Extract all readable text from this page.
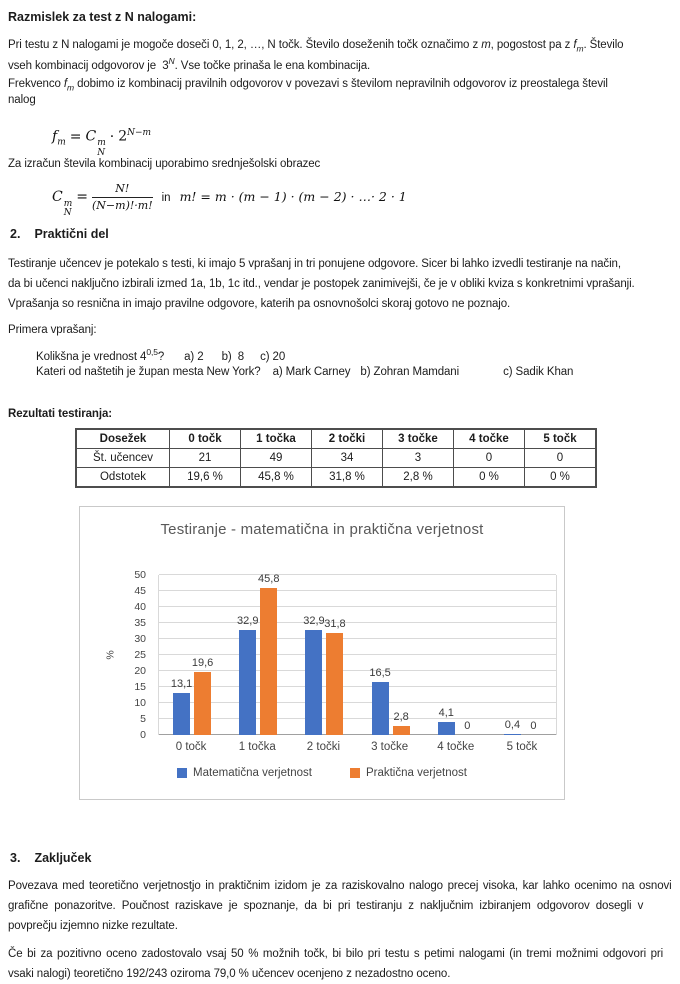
Razmislek za test z N nalogami:
Pri testu z N nalogami je mogoče doseči 0, 1, 2, …, N točk. Število doseženih točk označimo z m, pogostost pa z $f_m$. Število
vseh kombinacij odgovorov je  $3^N$. Vse točke prinaša le ena kombinacija.
Frekvenco $f_m$ dobimo iz kombinacij pravilnih odgovorov v povezavi s številom nepravilnih odgovorov iz preostalega števil
nalog
$f_m = C$ m
N
· $2^{N-m}$
Za izračun števila kombinacij uporabimo srednješolski obrazec
C m
N
= $\frac{N!}{(N-m)!\cdot m!}$ in m! = m · (m − 1) · (m − 2) · …· 2 · 1
2. Praktični del
Testiranje učencev je potekalo s testi, ki imajo 5 vprašanj in tri ponujene odgovore. Sicer bi lahko izvedli testiranje na način,
da bi učenci naključno izbirali izmed 1a, 1b, 1c itd., vendar je postopek zanimivejši, če je v obliki kviza s konkretnimi vprašanji.
Vprašanja so resnična in imajo pravilne odgovore, katerih pa osnovnošolci skoraj gotovo ne poznajo.
Primera vprašanj:
Kolikšna je vrednost 4$^{0,5}$? a) 2 b)  8 c) 20
Kateri od naštetih je župan mesta New York? a) Mark Carney b) Zohran Mamdani	c) Sadik Khan
Rezultati testiranja:
Dosežek	0 točk	1 točka	2 točki	3 točke	4 točke	5 točk
Št. učencev	21	49	34	3	0	0
Odstotek	19,6 %	45,8 %	31,8 %	2,8 %	0 %	0 %
Testiranje - matematična in praktična verjetnost
%
0
5
10
15
20
25
30
35
40
45
50
13,1
19,6
32,9
45,8
32,9 31,8
16,5
2,8	4,1
0	0,4 0
0 točk	1 točka	2 točki	3 točke	4 točke	5 točk
Matematična verjetnost	Praktična verjetnost
3. Zaključek
Povezava med teoretično verjetnostjo in praktičnim izidom je za raziskovalno nalogo precej visoka, kar lahko ocenimo na osnovi
grafične ponazoritve. Poučnost raziskave je spoznanje, da bi pri testiranju z naključnim izbiranjem odgovorov dosegli v
povprečju izjemno nizke rezultate.
Če bi za pozitivno oceno zadostovalo vsaj 50 % možnih točk, bi bilo pri testu s petimi nalogami (in tremi možnimi odgovori pri
vsaki nalogi) teoretično 192/243 oziroma 79,0 % učencev ocenjeno z nezadostno oceno.
